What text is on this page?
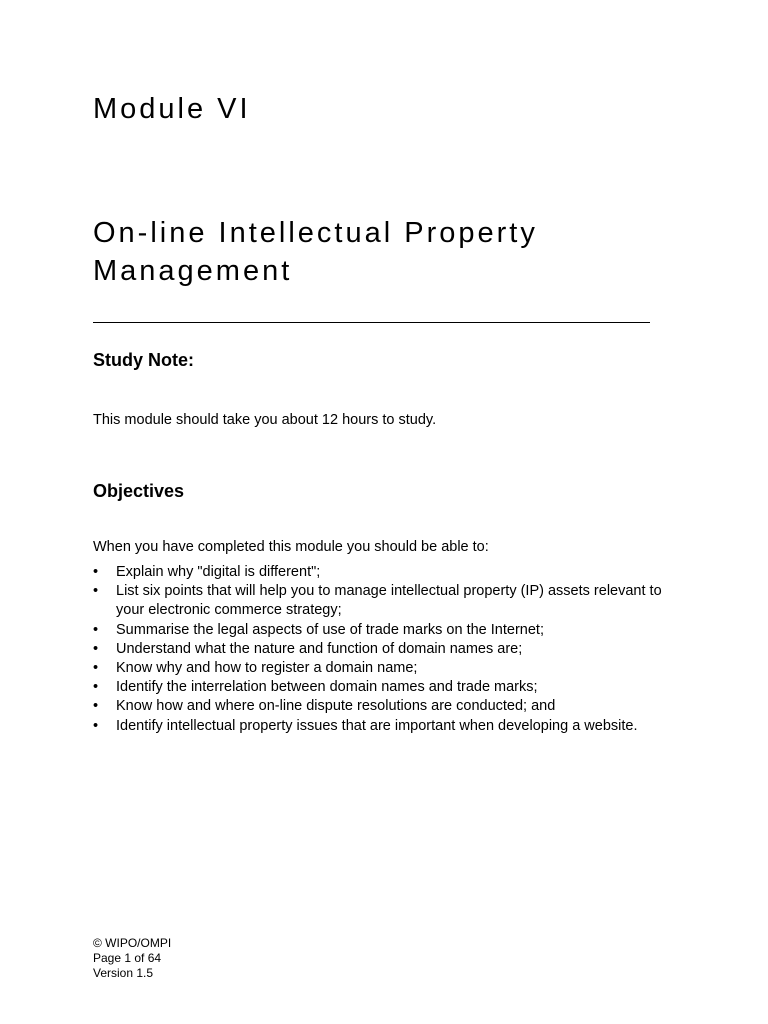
Module VI
On-line Intellectual Property
Management
Study Note:

This module should take you about 12 hours to study.

Objectives

When you have completed this module you should be able to:

• Explain why "digital is different";
• List six points that will help you to manage intellectual property (IP) assets relevant to your electronic commerce strategy;
• Summarise the legal aspects of use of trade marks on the Internet;
• Understand what the nature and function of domain names are;
• Know why and how to register a domain name;
• Identify the interrelation between domain names and trade marks;
• Know how and where on-line dispute resolutions are conducted; and
• Identify intellectual property issues that are important when developing a website.
© WIPO/OMPI
Page 1 of 64
Version 1.5
